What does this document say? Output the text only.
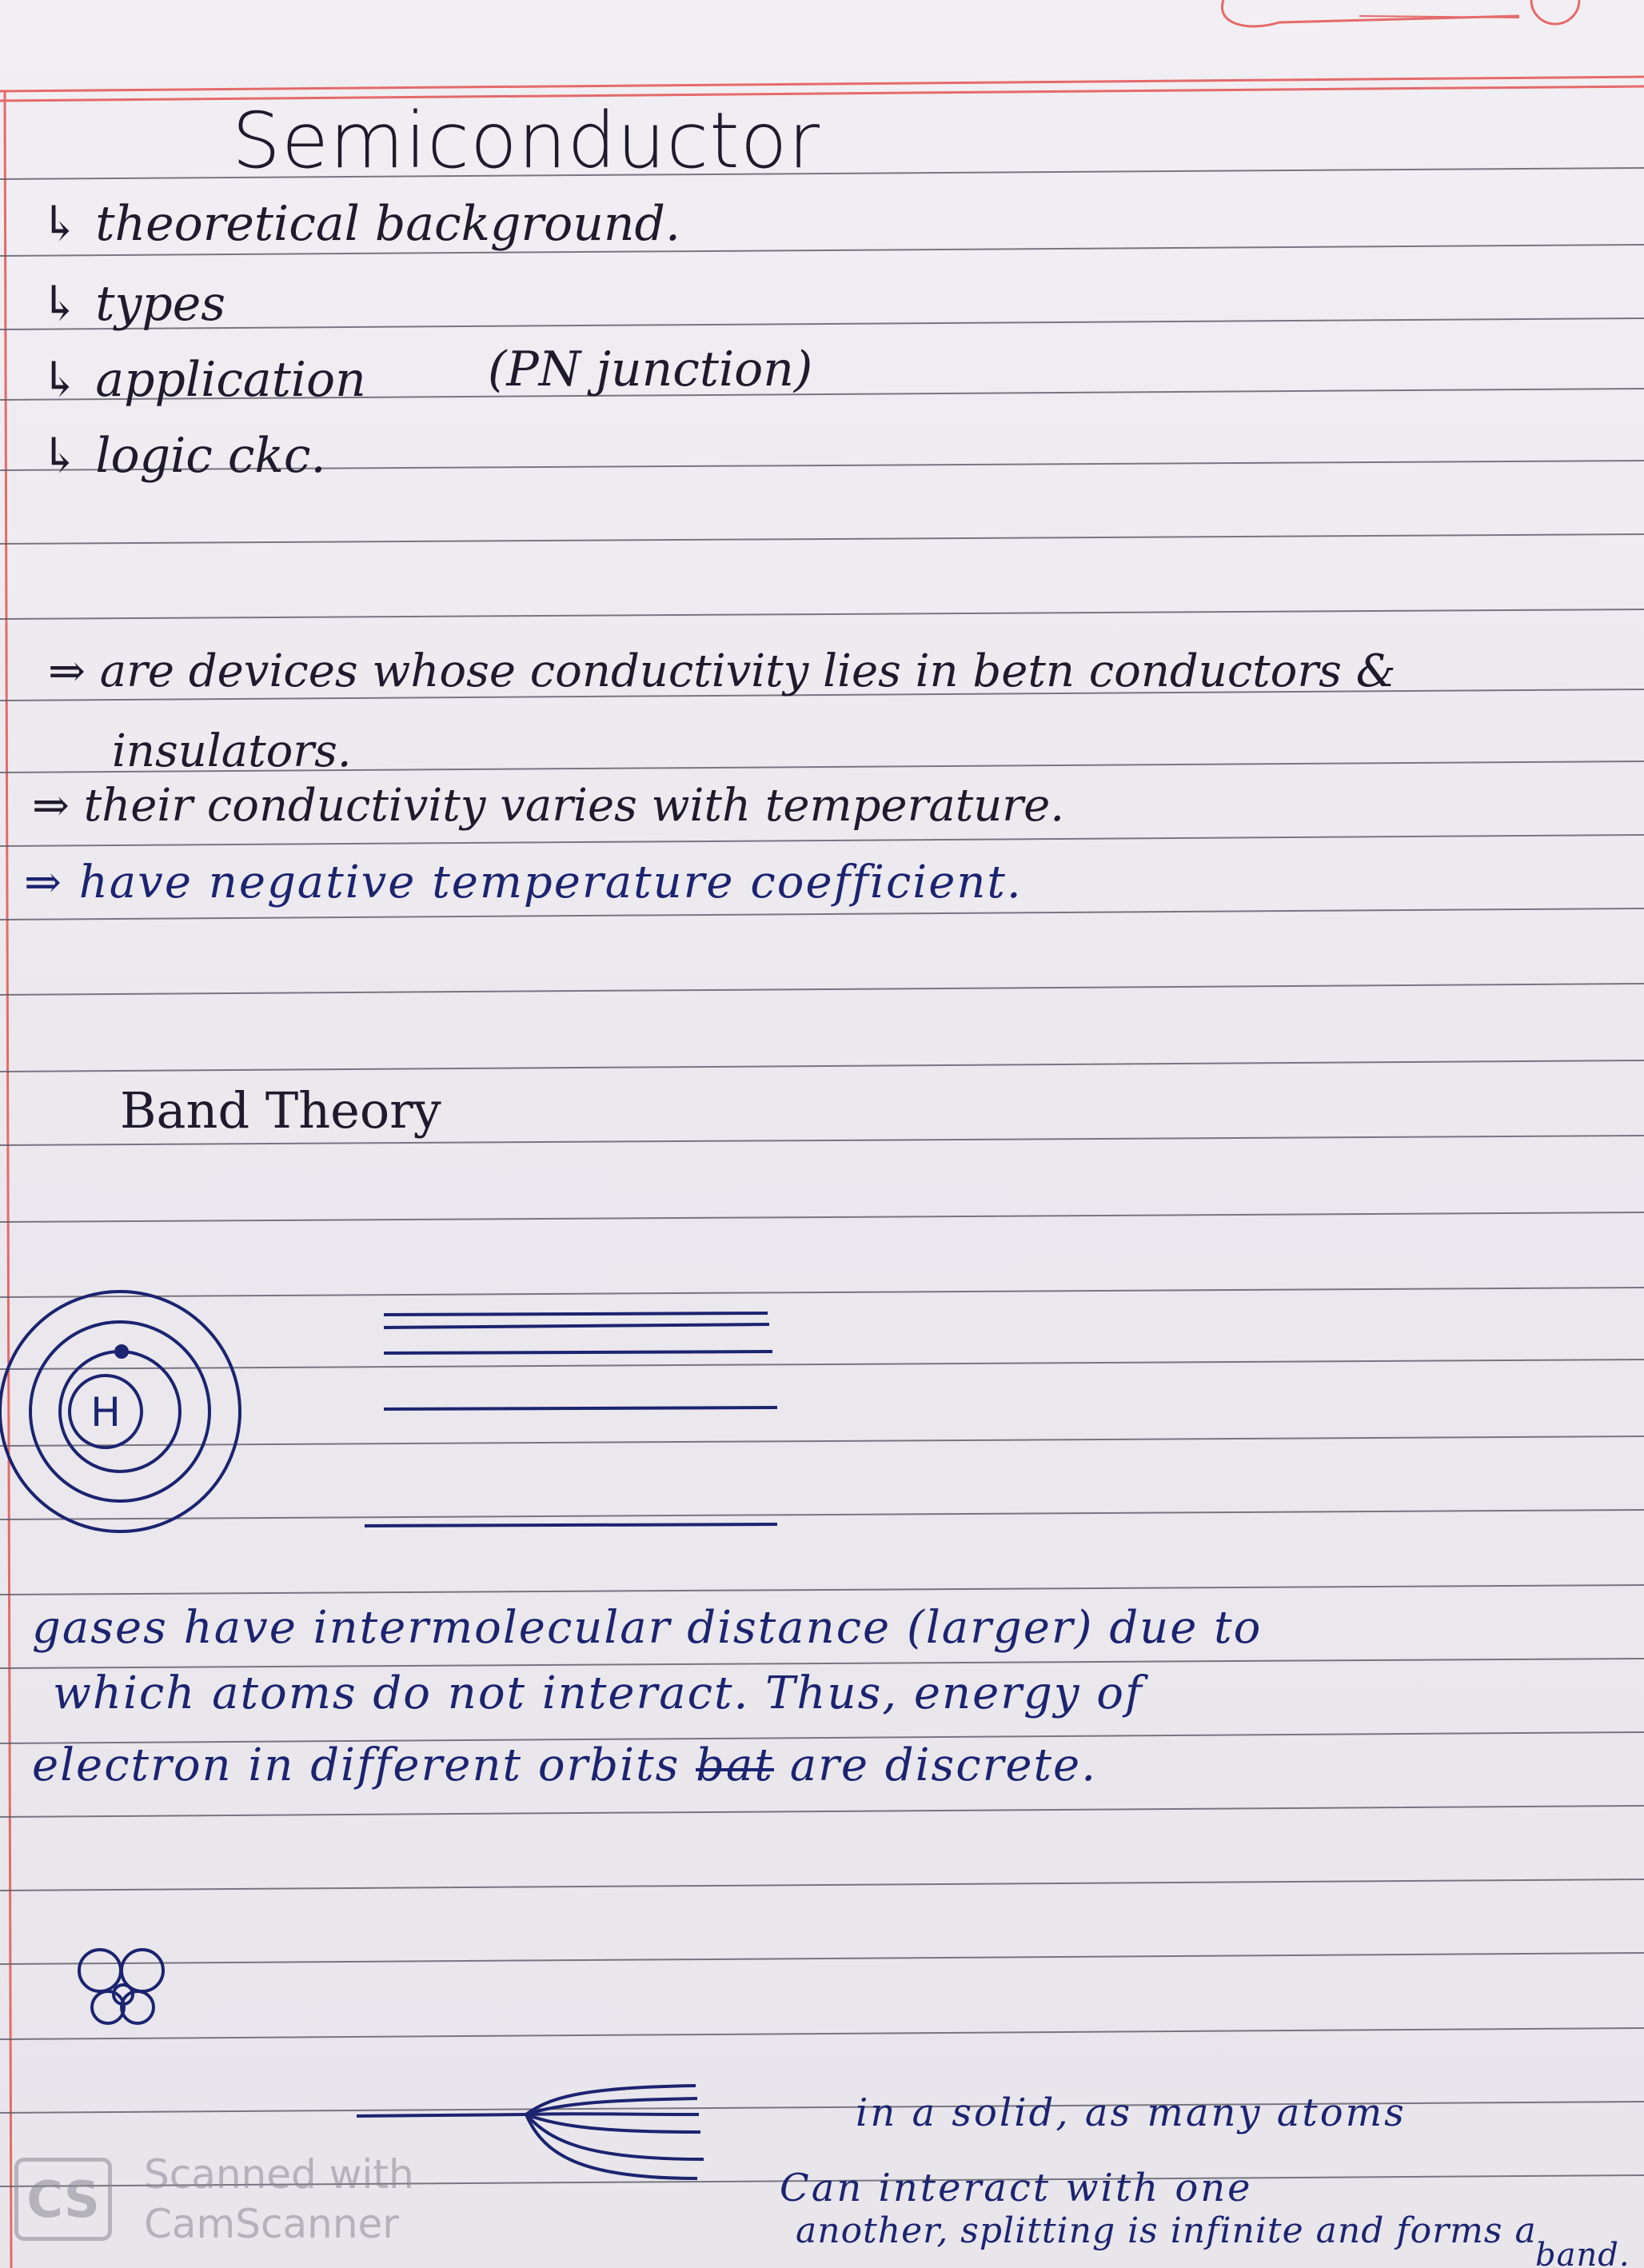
Semiconductor
↳ theoretical background.
↳ types
↳ application	(PN junction)
↳ logic ckc.
⇒ are devices whose conductivity lies in betn conductors &
insulators.
⇒ their conductivity varies with temperature.
⇒ have negative temperature coefficient.
Band Theory
H
gases have intermolecular distance (larger) due to
which atoms do not interact. Thus, energy of
electron in different orbits bat are discrete.
in a solid, as many atoms
Can interact with one
another, splitting is infinite and forms a
band.
CS	Scanned with
CamScanner
